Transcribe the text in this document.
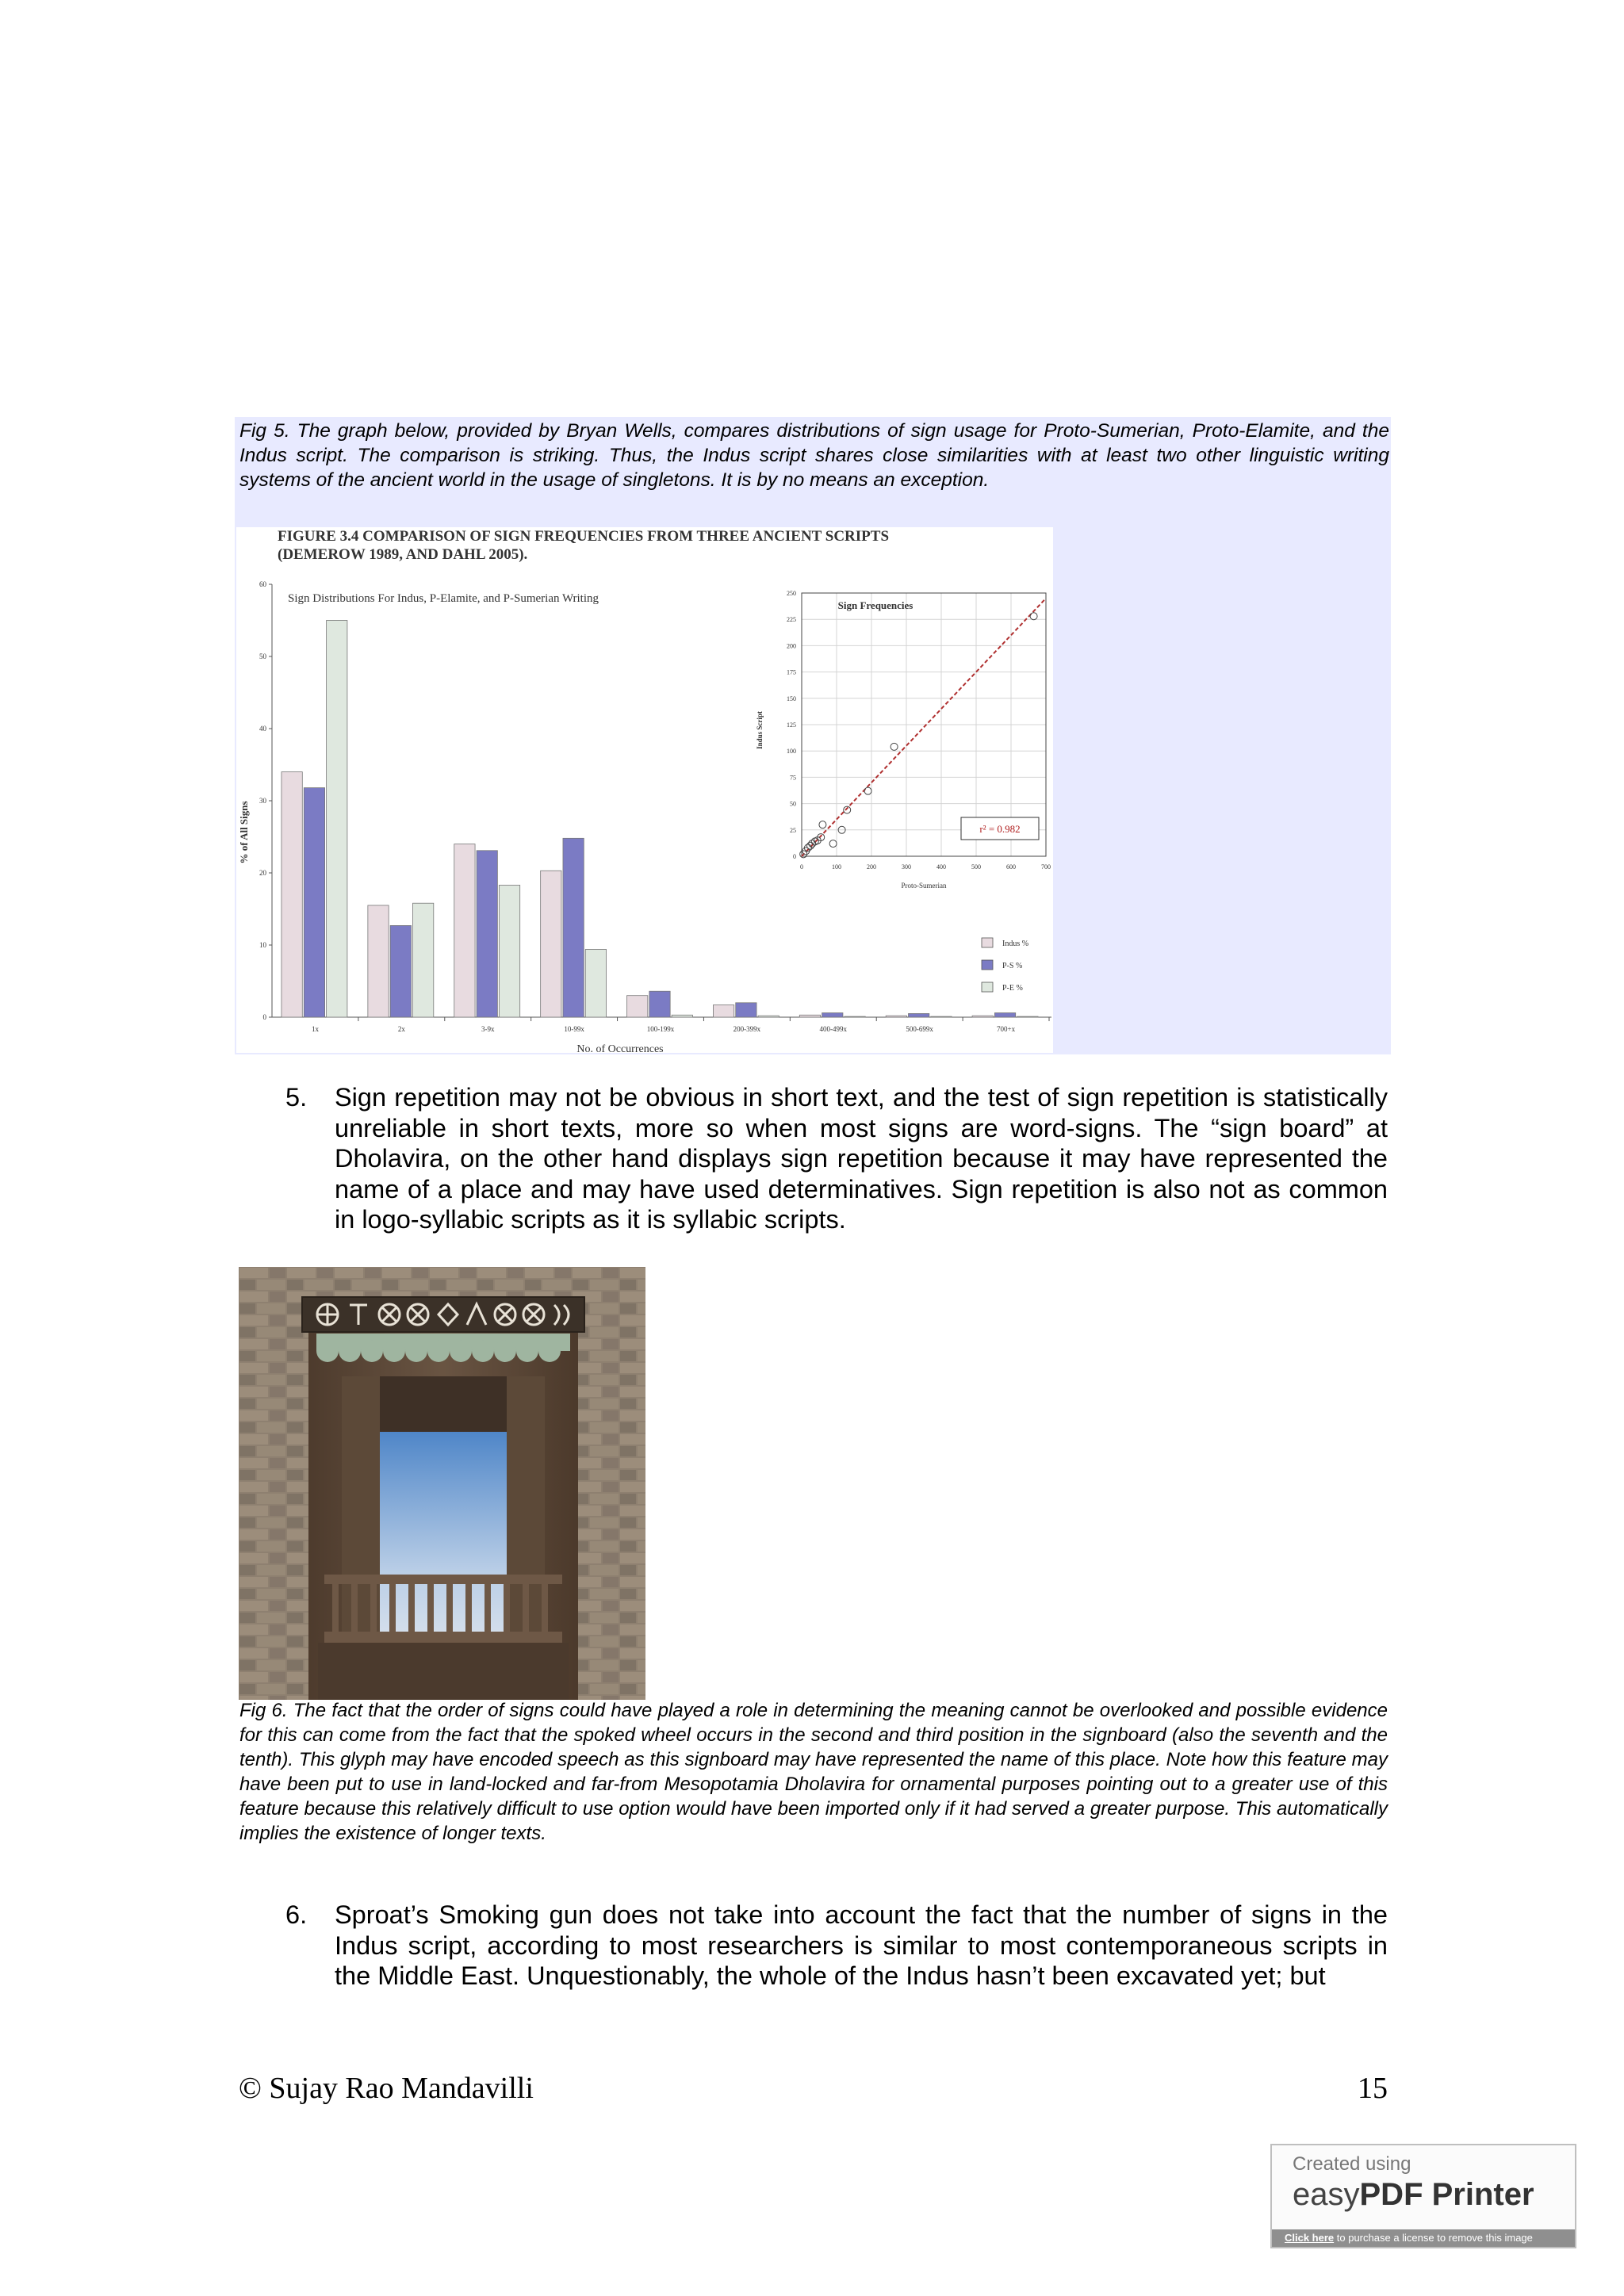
Fig 5. The graph below, provided by Bryan Wells, compares distributions of sign usage for Proto-Sumerian, Proto-Elamite, and the Indus script. The comparison is striking. Thus, the Indus script shares close similarities with at least two other linguistic writing systems of the ancient world in the usage of singletons. It is by no means an exception.
FIGURE 3.4 COMPARISON OF SIGN FREQUENCIES FROM THREE ANCIENT SCRIPTS
(DEMEROW 1989, AND DAHL 2005).
0
10
20
30
40
50
60
1x	2x	3-9x	10-99x	100-199x	200-399x	400-499x	500-699x	700+x
Indus %
P-S %
P-E %
0
25
50
75
100
125
150
175
200
225
250
0	100	200	300	400	500	600	700
Sign Distributions For Indus, P-Elamite, and P-Sumerian Writing
% of All Signs
No. of Occurrences
Sign Frequencies
Indus Script
Proto-Sumerian
r² = 0.982
5.	Sign repetition may not be obvious in short text, and the test of sign repetition is statistically unreliable in short texts, more so when most signs are word-signs. The “sign board” at Dholavira, on the other hand displays sign repetition because it may have represented the name of a place and may have used determinatives. Sign repetition is also not as common in logo-syllabic scripts as it is syllabic scripts.
Fig 6. The fact that the order of signs could have played a role in determining the meaning cannot be overlooked and possible evidence for this can come from the fact that the spoked wheel occurs in the second and third position in the signboard (also the seventh and the tenth). This glyph may have encoded speech as this signboard may have represented the name of this place. Note how this feature may have been put to use in land-locked and far-from Mesopotamia Dholavira for ornamental purposes pointing out to a greater use of this feature because this relatively difficult to use option would have been imported only if it had served a greater purpose. This automatically implies the existence of longer texts.
6.	Sproat’s Smoking gun does not take into account the fact that the number of signs in the Indus script, according to most researchers is similar to most contemporaneous scripts in the Middle East. Unquestionably, the whole of the Indus hasn’t been excavated yet; but
© Sujay Rao Mandavilli	15
Created using
easyPDF Printer
Click here to purchase a license to remove this image
